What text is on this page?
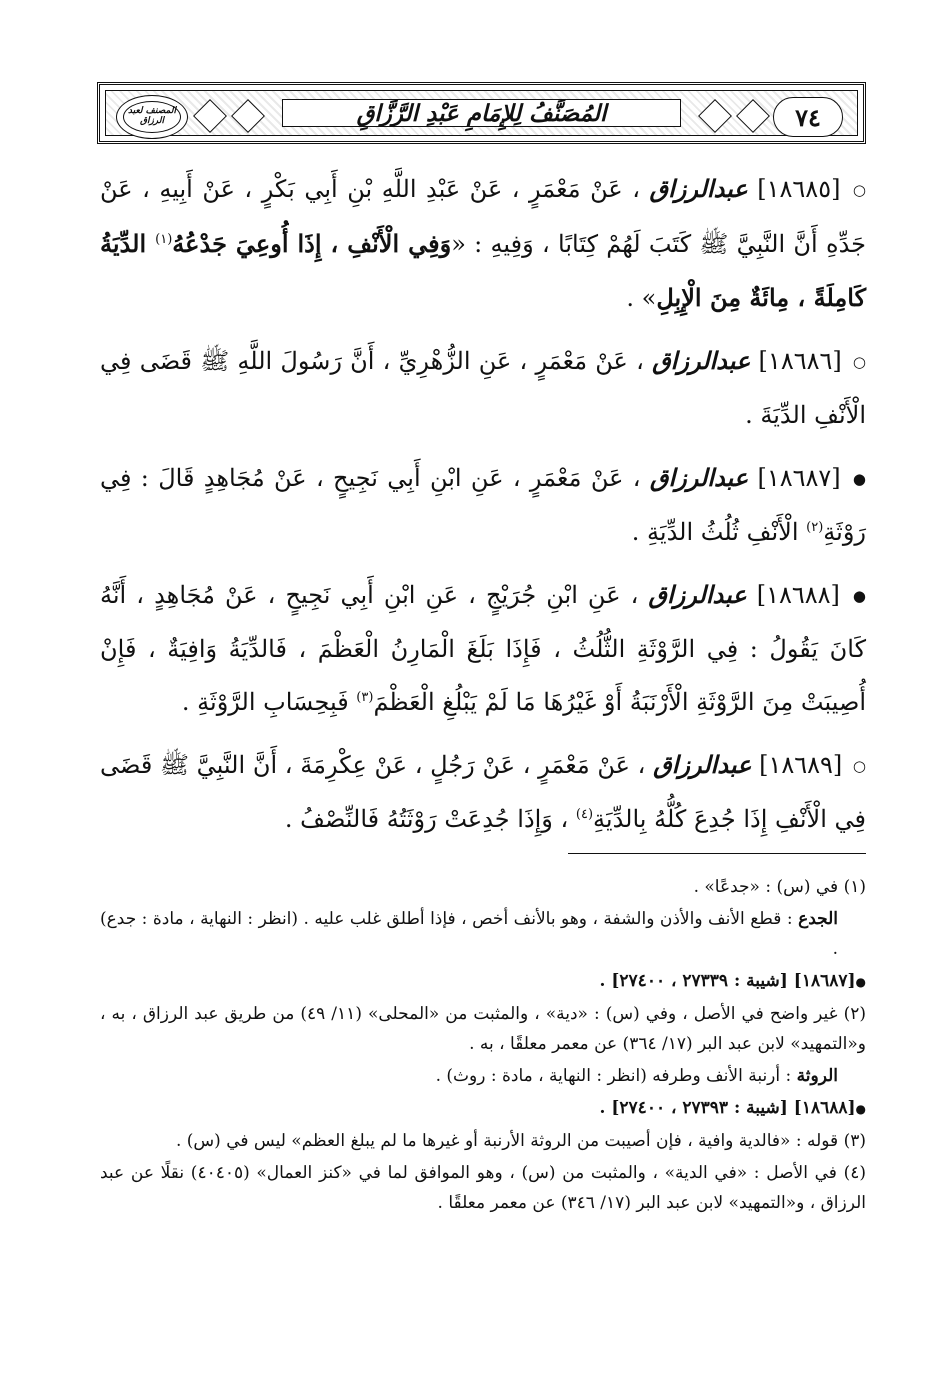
٧٤
المُصَنَّفُ لِلإِمَامِ عَبْدِ الرَّزَّاقِ
المصنف لعبد الرزاق

○ [١٨٦٨٥] عبدالرزاق ، عَنْ مَعْمَرٍ ، عَنْ عَبْدِ اللَّهِ بْنِ أَبِي بَكْرٍ ، عَنْ أَبِيهِ ، عَنْ جَدِّهِ أَنَّ النَّبِيَّ ﷺ كَتَبَ لَهُمْ كِتَابًا ، وَفِيهِ : «وَفِي الْأَنْفِ ، إِذَا أُوعِيَ جَدْعُهُ$^{(١)}$ الدِّيَةُ كَامِلَةً ، مِائَةٌ مِنَ الْإِبِلِ» .

○ [١٨٦٨٦] عبدالرزاق ، عَنْ مَعْمَرٍ ، عَنِ الزُّهْرِيِّ ، أَنَّ رَسُولَ اللَّهِ ﷺ قَضَى فِي الْأَنْفِ الدِّيَةَ .

● [١٨٦٨٧] عبدالرزاق ، عَنْ مَعْمَرٍ ، عَنِ ابْنِ أَبِي نَجِيحٍ ، عَنْ مُجَاهِدٍ قَالَ : فِي رَوْثَةِ$^{(٢)}$ الْأَنْفِ ثُلُثُ الدِّيَةِ .

● [١٨٦٨٨] عبدالرزاق ، عَنِ ابْنِ جُرَيْجٍ ، عَنِ ابْنِ أَبِي نَجِيحٍ ، عَنْ مُجَاهِدٍ ، أَنَّهُ كَانَ يَقُولُ : فِي الرَّوْثَةِ الثُّلُثُ ، فَإِذَا بَلَغَ الْمَارِنُ الْعَظْمَ ، فَالدِّيَةُ وَافِيَةٌ ، فَإِنْ أُصِيبَتْ مِنَ الرَّوْثَةِ الْأَرْنَبَةُ أَوْ غَيْرُهَا مَا لَمْ يَبْلُغِ الْعَظْمَ$^{(٣)}$ فَبِحِسَابِ الرَّوْثَةِ .

○ [١٨٦٨٩] عبدالرزاق ، عَنْ مَعْمَرٍ ، عَنْ رَجُلٍ ، عَنْ عِكْرِمَةَ ، أَنَّ النَّبِيَّ ﷺ قَضَى فِي الْأَنْفِ إِذَا جُدِعَ كُلُّهُ بِالدِّيَةِ$^{(٤)}$ ، وَإِذَا جُدِعَتْ رَوْثَتُهُ فَالنِّصْفُ .

(١) في (س) : «جدعًا» .

الجدع : قطع الأنف والأذن والشفة ، وهو بالأنف أخص ، فإذا أطلق غلب عليه . (انظر : النهاية ، مادة : جدع) .

●[١٨٦٨٧] [شيبة : ٢٧٣٣٩ ، ٢٧٤٠٠] .

(٢) غير واضح في الأصل ، وفي (س) : «دية» ، والمثبت من «المحلى» (١١/ ٤٩) من طريق عبد الرزاق ، به ، و«التمهيد» لابن عبد البر (١٧/ ٣٦٤) عن معمر معلقًا ، به .

الروثة : أرنبة الأنف وطرفه (انظر : النهاية ، مادة : روث) .

●[١٨٦٨٨] [شيبة : ٢٧٣٩٣ ، ٢٧٤٠٠] .

(٣) قوله : «فالدية وافية ، فإن أصيبت من الروثة الأرنبة أو غيرها ما لم يبلغ العظم» ليس في (س) .

(٤) في الأصل : «في الدية» ، والمثبت من (س) ، وهو الموافق لما في «كنز العمال» (٤٠٤٠٥) نقلًا عن عبد الرزاق ، و«التمهيد» لابن عبد البر (١٧/ ٣٤٦) عن معمر معلقًا .
